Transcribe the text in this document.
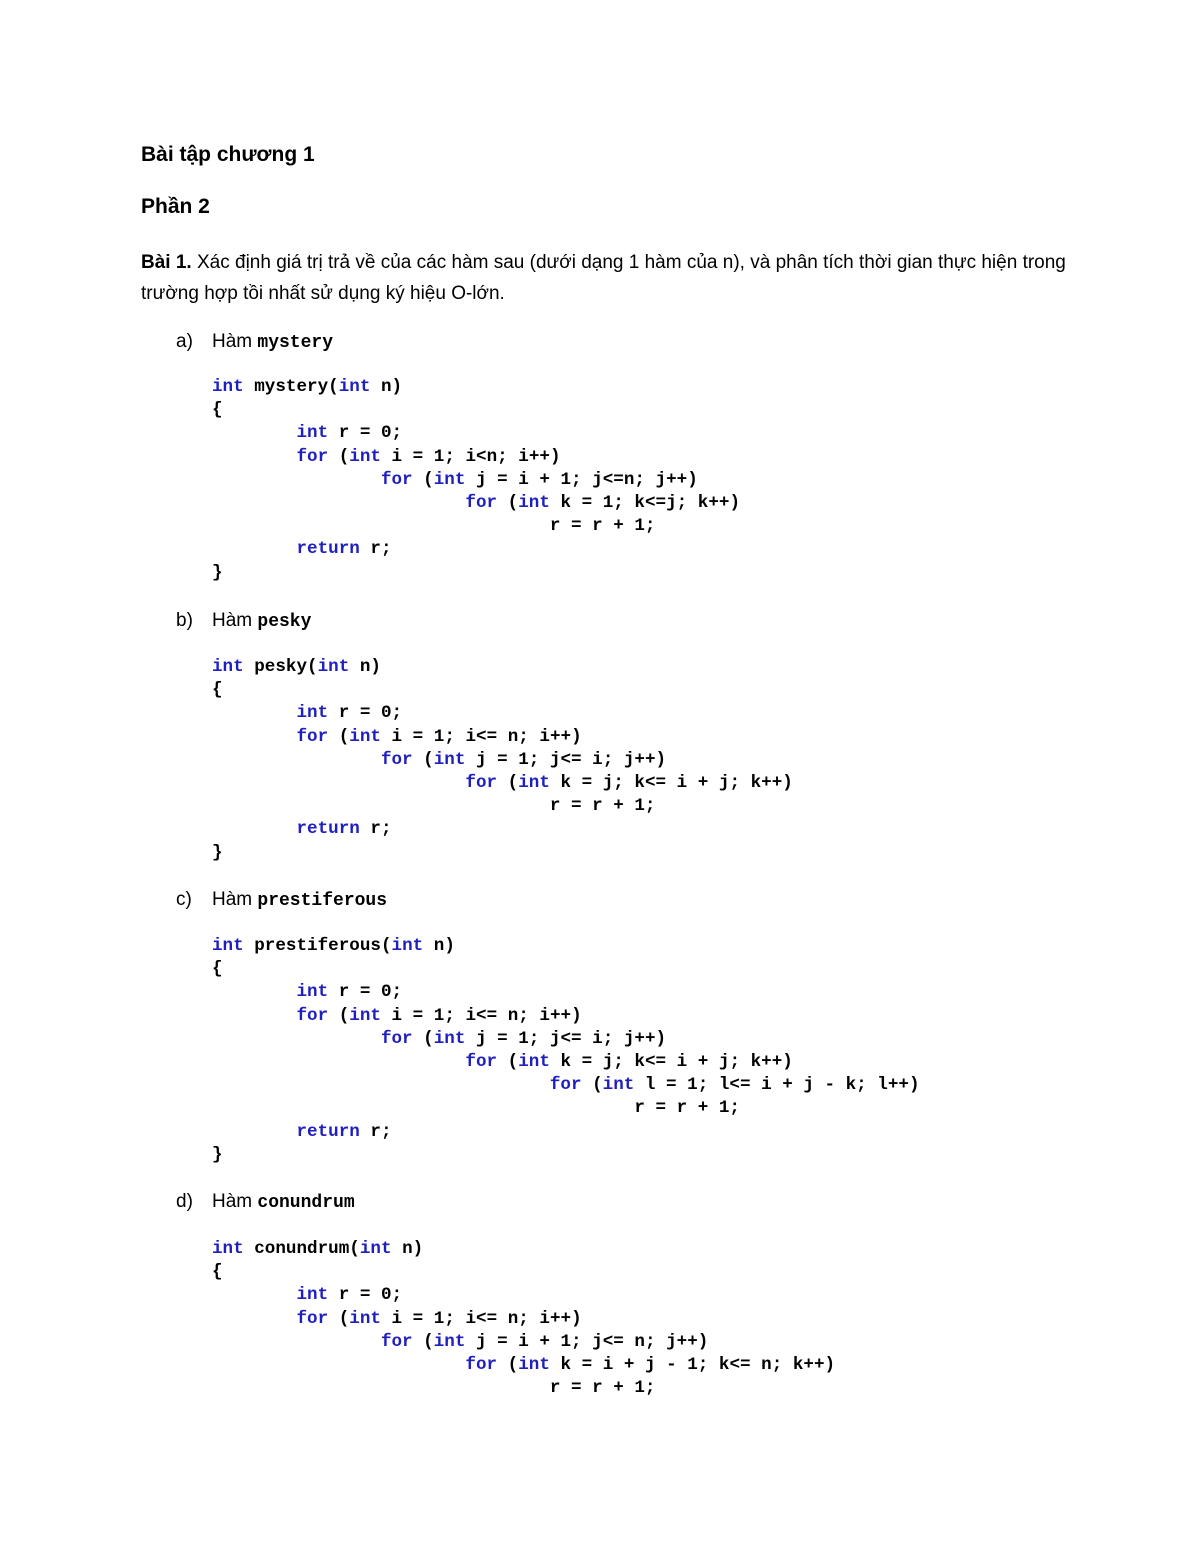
Bài tập chương 1
Phần 2

Bài 1. Xác định giá trị trả về của các hàm sau (dưới dạng 1 hàm của n), và phân tích thời gian thực hiện trong trường hợp tồi nhất sử dụng ký hiệu O-lớn.

a) Hàm mystery
int mystery(int n)
{
int r = 0;
for (int i = 1; i<n; i++)
for (int j = i + 1; j<=n; j++)
for (int k = 1; k<=j; k++)
r = r + 1;
return r;
}
b) Hàm pesky
int pesky(int n)
{
int r = 0;
for (int i = 1; i<= n; i++)
for (int j = 1; j<= i; j++)
for (int k = j; k<= i + j; k++)
r = r + 1;
return r;
}
c) Hàm prestiferous
int prestiferous(int n)
{
int r = 0;
for (int i = 1; i<= n; i++)
for (int j = 1; j<= i; j++)
for (int k = j; k<= i + j; k++)
for (int l = 1; l<= i + j - k; l++)
r = r + 1;
return r;
}
d) Hàm conundrum
int conundrum(int n)
{
int r = 0;
for (int i = 1; i<= n; i++)
for (int j = i + 1; j<= n; j++)
for (int k = i + j - 1; k<= n; k++)
r = r + 1;
